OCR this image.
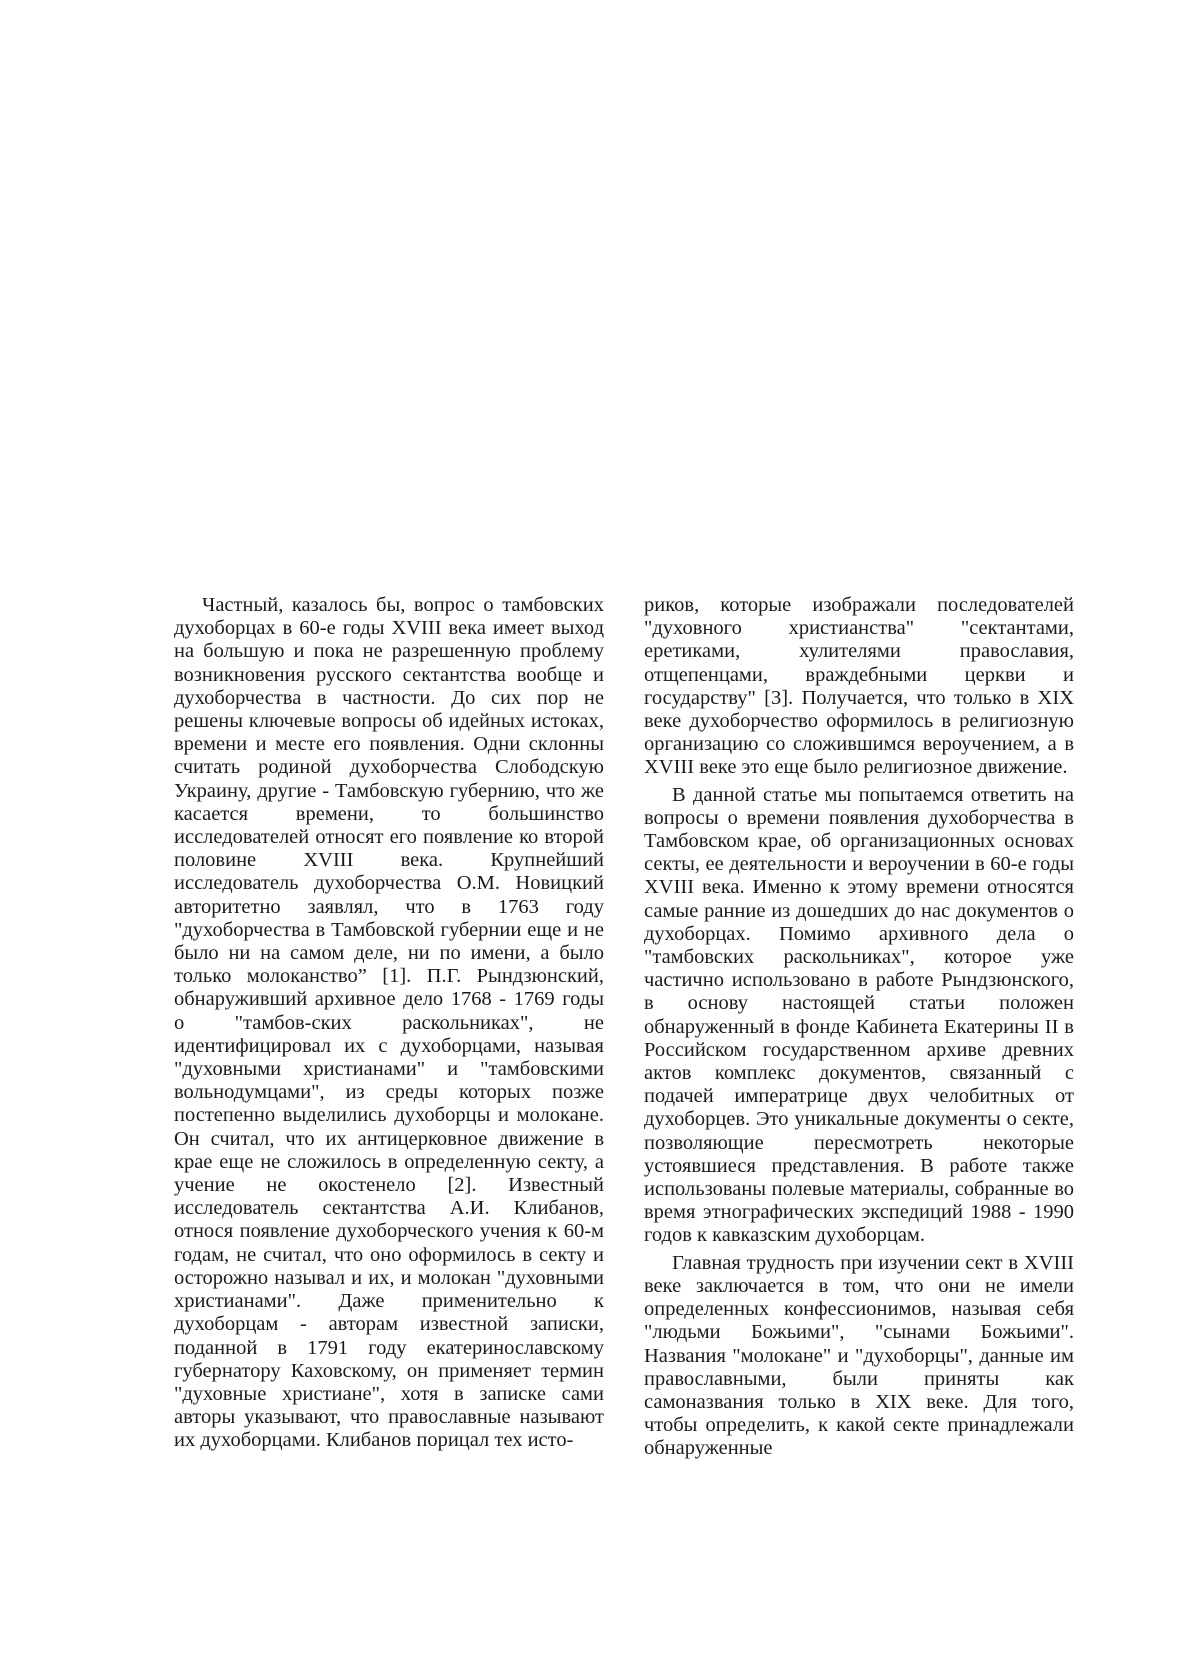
Частный, казалось бы, вопрос о тамбовских духоборцах в 60-е годы XVIII века имеет выход на большую и пока не разрешенную проблему возникновения русского сектантства вообще и духоборчества в частности. До сих пор не решены ключевые вопросы об идейных истоках, времени и месте его появления. Одни склонны считать родиной духоборчества Слободскую Украину, другие - Тамбовскую губернию, что же касается времени, то большинство исследователей относят его появление ко второй половине XVIII века. Крупнейший исследователь духоборчества О.М. Новицкий авторитетно заявлял, что в 1763 году "духоборчества в Тамбовской губернии еще и не было ни на самом деле, ни по имени, а было только молоканство” [1]. П.Г. Рындзюнский, обнаруживший архивное дело 1768 - 1769 годы о "тамбов-ских раскольниках", не идентифицировал их с духоборцами, называя "духовными христианами" и "тамбовскими вольнодумцами", из среды которых позже постепенно выделились духоборцы и молокане. Он считал, что их антицерковное движение в крае еще не сложилось в определенную секту, а учение не окостенело [2]. Известный исследователь сектантства А.И. Клибанов, относя появление духоборческого учения к 60-м годам, не считал, что оно оформилось в секту и осторожно называл и их, и молокан "духовными христианами". Даже применительно к духоборцам - авторам известной записки, поданной в 1791 году екатеринославскому губернатору Каховскому, он применяет термин "духовные христиане", хотя в записке сами авторы указывают, что православные называют их духоборцами. Клибанов порицал тех исто-

риков, которые изображали последователей "духовного христианства" "сектантами, еретиками, хулителями православия, отщепенцами, враждебными церкви и государству" [3]. Получается, что только в XIX веке духоборчество оформилось в религиозную организацию со сложившимся вероучением, а в XVIII веке это еще было религиозное движение.

В данной статье мы попытаемся ответить на вопросы о времени появления духоборчества в Тамбовском крае, об организационных основах секты, ее деятельности и вероучении в 60-е годы XVIII века. Именно к этому времени относятся самые ранние из дошедших до нас документов о духоборцах. Помимо архивного дела о "тамбовских раскольниках", которое уже частично использовано в работе Рындзюнского, в основу настоящей статьи положен обнаруженный в фонде Кабинета Екатерины II в Российском государственном архиве древних актов комплекс документов, связанный с подачей императрице двух челобитных от духоборцев. Это уникальные документы о секте, позволяющие пересмотреть некоторые устоявшиеся представления. В работе также использованы полевые материалы, собранные во время этнографических экспедиций 1988 - 1990 годов к кавказским духоборцам.

Главная трудность при изучении сект в XVIII веке заключается в том, что они не имели определенных конфессионимов, называя себя "людьми Божьими", "сынами Божьими". Названия "молокане" и "духоборцы", данные им православными, были приняты как самоназвания только в XIX веке. Для того, чтобы определить, к какой секте принадлежали обнаруженные
